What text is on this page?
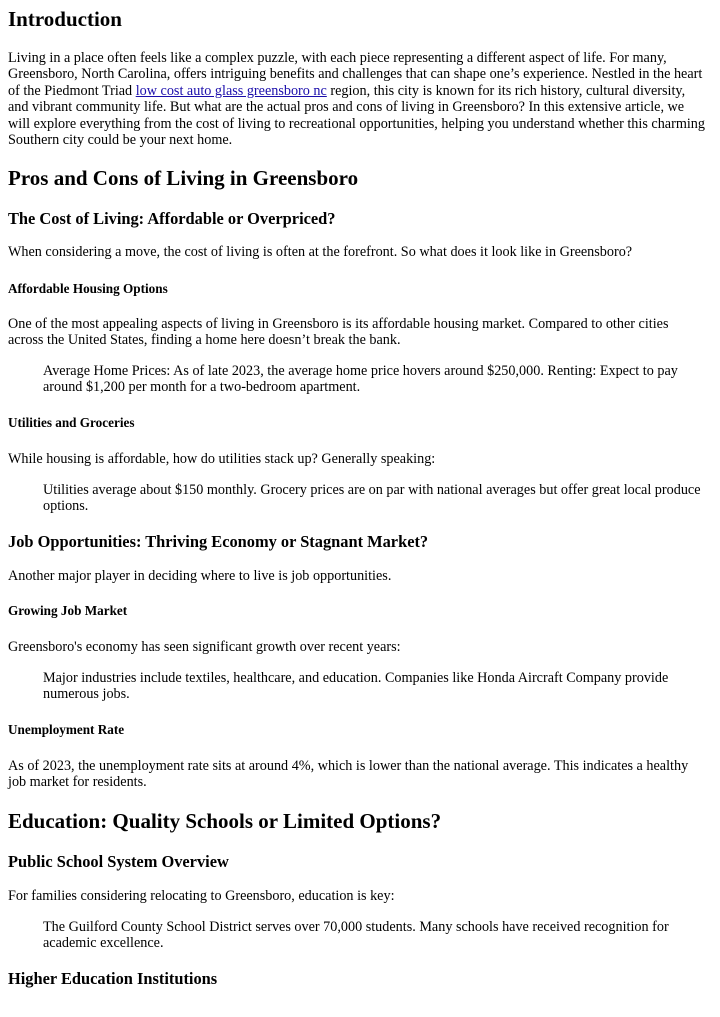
Introduction

Living in a place often feels like a complex puzzle, with each piece representing a different aspect of life. For many, Greensboro, North Carolina, offers intriguing benefits and challenges that can shape one’s experience. Nestled in the heart of the Piedmont Triad low cost auto glass greensboro nc region, this city is known for its rich history, cultural diversity, and vibrant community life. But what are the actual pros and cons of living in Greensboro? In this extensive article, we will explore everything from the cost of living to recreational opportunities, helping you understand whether this charming Southern city could be your next home.

Pros and Cons of Living in Greensboro
The Cost of Living: Affordable or Overpriced?

When considering a move, the cost of living is often at the forefront. So what does it look like in Greensboro?

Affordable Housing Options

One of the most appealing aspects of living in Greensboro is its affordable housing market. Compared to other cities across the United States, finding a home here doesn’t break the bank.

Average Home Prices: As of late 2023, the average home price hovers around $250,000. Renting: Expect to pay around $1,200 per month for a two-bedroom apartment.
Utilities and Groceries

While housing is affordable, how do utilities stack up? Generally speaking:

Utilities average about $150 monthly. Grocery prices are on par with national averages but offer great local produce options.
Job Opportunities: Thriving Economy or Stagnant Market?

Another major player in deciding where to live is job opportunities.

Growing Job Market

Greensboro's economy has seen significant growth over recent years:

Major industries include textiles, healthcare, and education. Companies like Honda Aircraft Company provide numerous jobs.
Unemployment Rate

As of 2023, the unemployment rate sits at around 4%, which is lower than the national average. This indicates a healthy job market for residents.

Education: Quality Schools or Limited Options?
Public School System Overview

For families considering relocating to Greensboro, education is key:

The Guilford County School District serves over 70,000 students. Many schools have received recognition for academic excellence.
Higher Education Institutions
